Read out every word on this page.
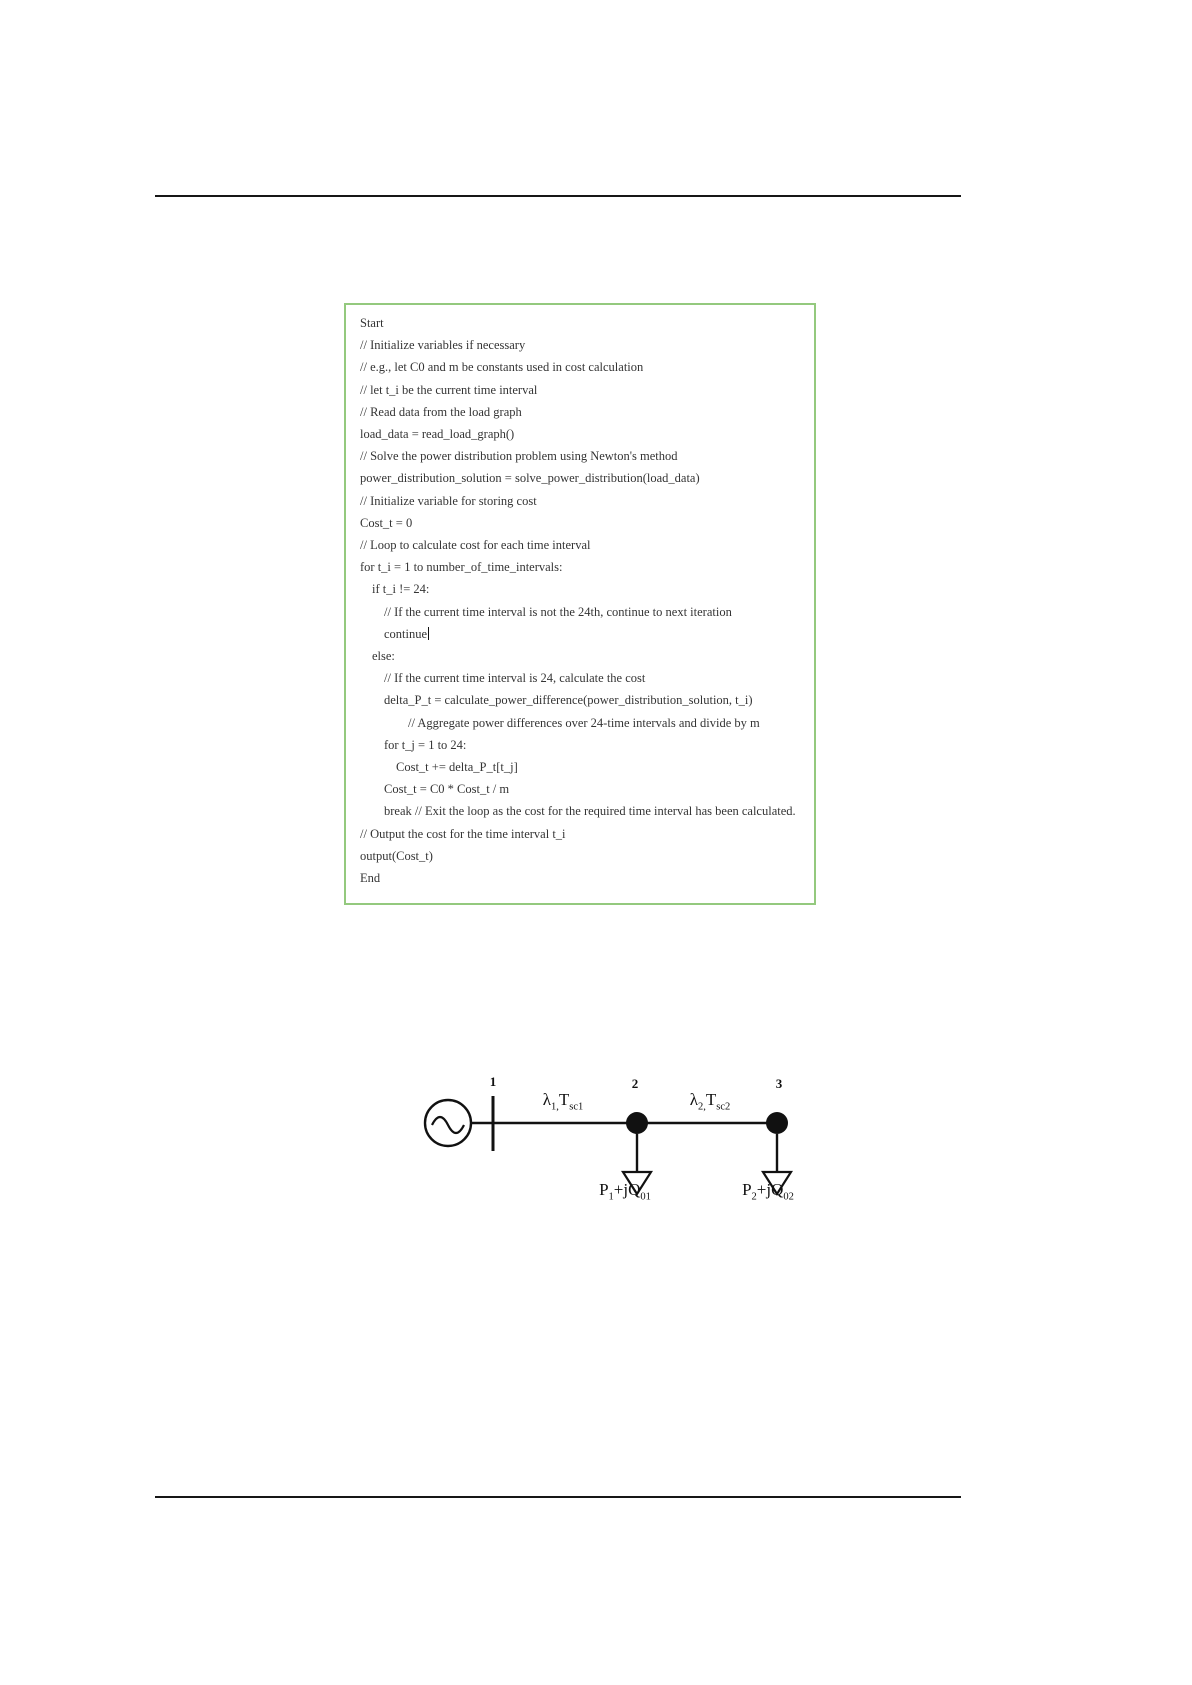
Start
// Initialize variables if necessary
// e.g., let C0 and m be constants used in cost calculation
// let t_i be the current time interval
// Read data from the load graph
load_data = read_load_graph()
// Solve the power distribution problem using Newton's method
power_distribution_solution = solve_power_distribution(load_data)
// Initialize variable for storing cost
Cost_t = 0
// Loop to calculate cost for each time interval
for t_i = 1 to number_of_time_intervals:
if t_i != 24:
// If the current time interval is not the 24th, continue to next iteration
continue
else:
// If the current time interval is 24, calculate the cost
delta_P_t = calculate_power_difference(power_distribution_solution, t_i)
// Aggregate power differences over 24-time intervals and divide by m
for t_j = 1 to 24:
Cost_t += delta_P_t[t_j]
Cost_t = C0 * Cost_t / m
break // Exit the loop as the cost for the required time interval has been calculated.
// Output the cost for the time interval t_i
output(Cost_t)
End
1	2	3
$\lambda_{1,}T_{sc1}$	$\lambda_{2,}T_{sc2}$
$P_1+jQ_{01}$	$P_2+jQ_{02}$
